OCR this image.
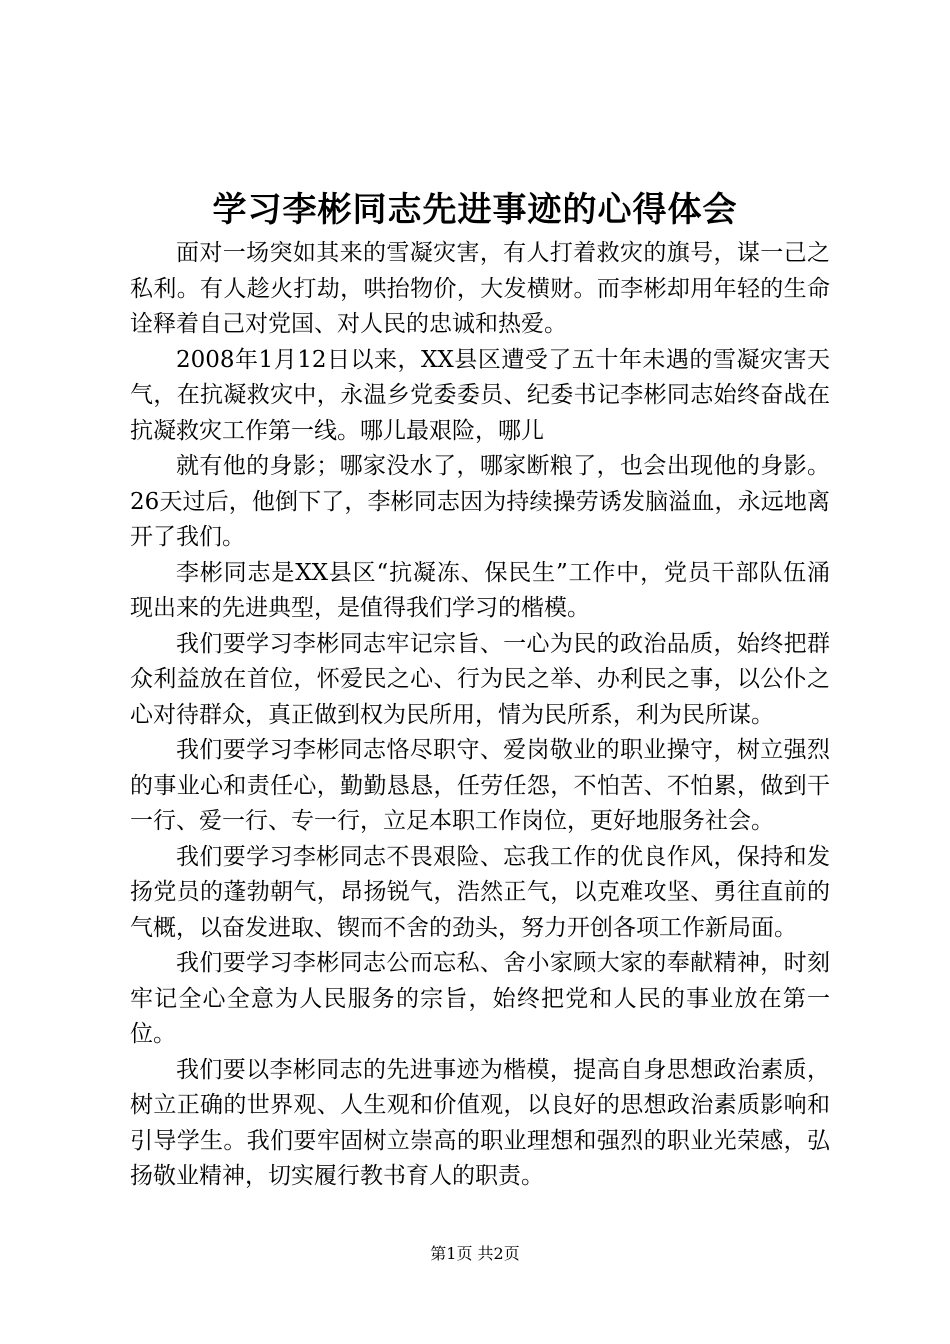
学习李彬同志先进事迹的心得体会

面对一场突如其来的雪凝灾害，有人打着救灾的旗号，谋一己之私利。有人趁火打劫，哄抬物价，大发横财。而李彬却用年轻的生命诠释着自己对党国、对人民的忠诚和热爱。

2008年1月12日以来，XX县区遭受了五十年未遇的雪凝灾害天气，在抗凝救灾中，永温乡党委委员、纪委书记李彬同志始终奋战在抗凝救灾工作第一线。哪儿最艰险，哪儿

就有他的身影；哪家没水了，哪家断粮了，也会出现他的身影。26天过后，他倒下了，李彬同志因为持续操劳诱发脑溢血，永远地离开了我们。

李彬同志是XX县区“抗凝冻、保民生”工作中，党员干部队伍涌现出来的先进典型，是值得我们学习的楷模。

我们要学习李彬同志牢记宗旨、一心为民的政治品质，始终把群众利益放在首位，怀爱民之心、行为民之举、办利民之事，以公仆之心对待群众，真正做到权为民所用，情为民所系，利为民所谋。

我们要学习李彬同志恪尽职守、爱岗敬业的职业操守，树立强烈的事业心和责任心，勤勤恳恳，任劳任怨，不怕苦、不怕累，做到干一行、爱一行、专一行，立足本职工作岗位，更好地服务社会。

我们要学习李彬同志不畏艰险、忘我工作的优良作风，保持和发扬党员的蓬勃朝气，昂扬锐气，浩然正气，以克难攻坚、勇往直前的气概，以奋发进取、锲而不舍的劲头，努力开创各项工作新局面。

我们要学习李彬同志公而忘私、舍小家顾大家的奉献精神，时刻牢记全心全意为人民服务的宗旨，始终把党和人民的事业放在第一位。

我们要以李彬同志的先进事迹为楷模，提高自身思想政治素质，树立正确的世界观、人生观和价值观，以良好的思想政治素质影响和引导学生。我们要牢固树立崇高的职业理想和强烈的职业光荣感，弘扬敬业精神，切实履行教书育人的职责。

第1页 共2页
